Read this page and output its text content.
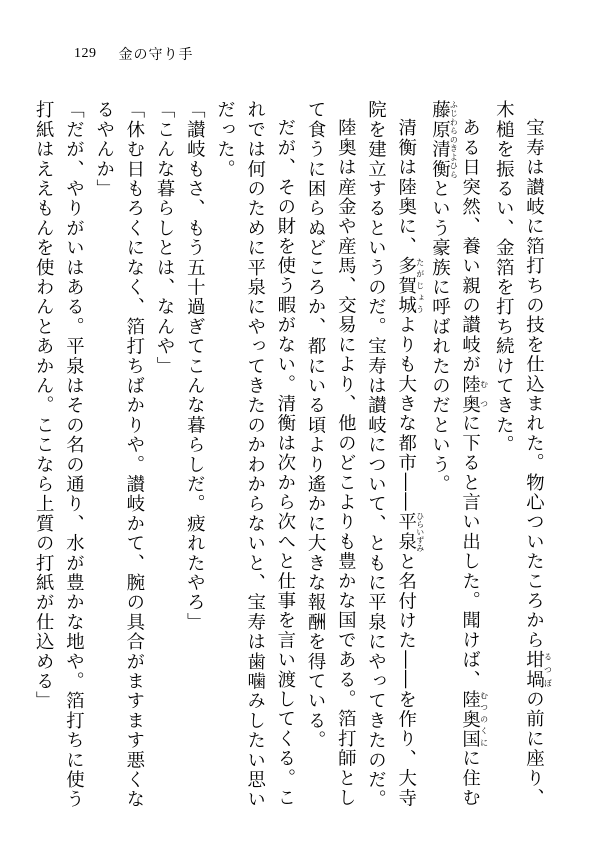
129 金の守り手

宝寿は讃岐に箔打ちの技を仕込まれた。物心ついたころから坩堝 るつぼの前に座り、木槌を振るい、金箔を打ち続けてきた。

ある日突然、養い親の讃岐が陸奥 むつに下ると言い出した。聞けば、陸奥国 むつのくにに住む藤原清衡 ふじわらのきよひらという豪族に呼ばれたのだという。

清衡は陸奥に、多賀城 たがじょうよりも大きな都市――平泉 ひらいずみと名付けた――を作り、大寺院を建立するというのだ。宝寿は讃岐について、ともに平泉にやってきたのだ。

陸奥は産金や産馬、交易により、他のどこよりも豊かな国である。箔打師として食うに困らぬどころか、都にいる頃より遙かに大きな報酬を得ている。

だが、その財を使う暇がない。清衡は次から次へと仕事を言い渡してくる。これでは何のために平泉にやってきたのかわからないと、宝寿は歯噛みしたい思いだった。

「讃岐もさ、もう五十過ぎてこんな暮らしだ。疲れたやろ」

「こんな暮らしとは、なんや」

「休む日もろくになく、箔打ちばかりや。讃岐かて、腕の具合がますます悪くなるやんか」

「だが、やりがいはある。平泉はその名の通り、水が豊かな地や。箔打ちに使う打紙はええもんを使わんとあかん。ここなら上質の打紙が仕込める」
